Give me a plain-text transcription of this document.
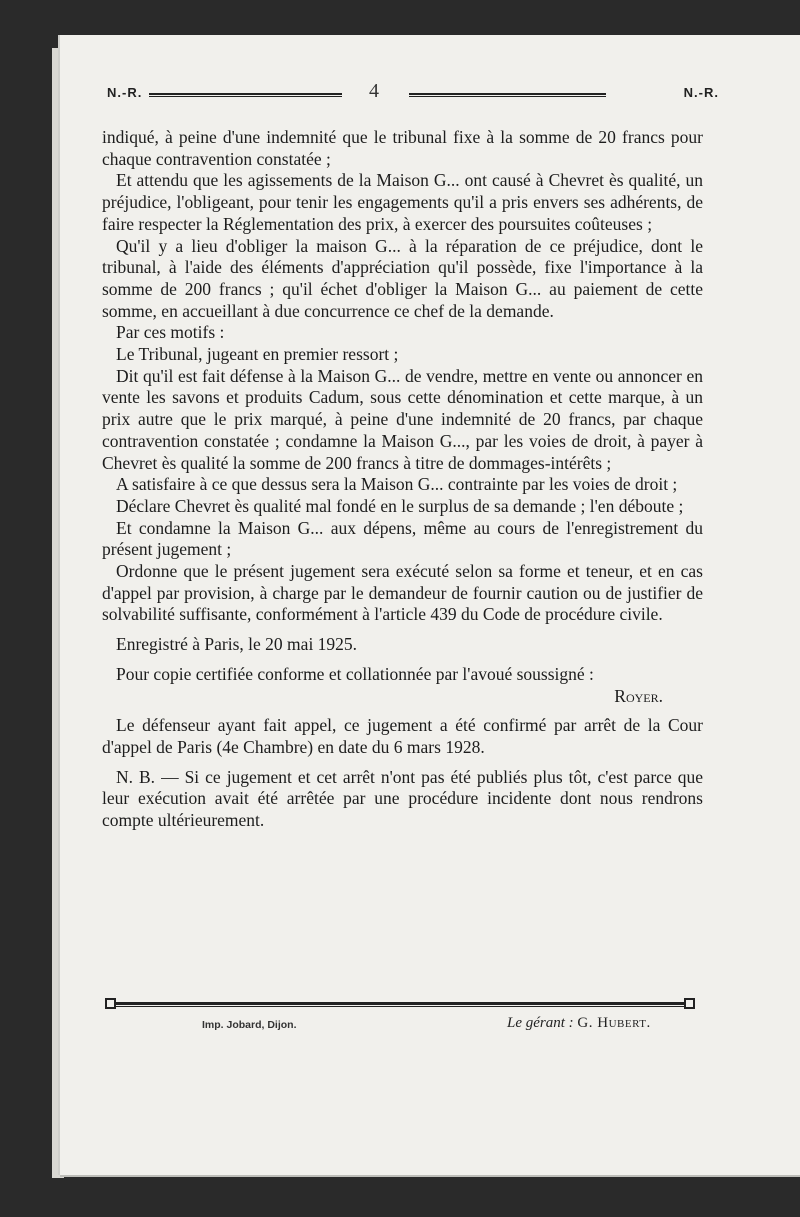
N.-R.	4	N.-R.

indiqué, à peine d'une indemnité que le tribunal fixe à la somme de 20 francs pour chaque contravention constatée ;

Et attendu que les agissements de la Maison G... ont causé à Chevret ès qualité, un préjudice, l'obligeant, pour tenir les engagements qu'il a pris envers ses adhérents, de faire respecter la Réglementation des prix, à exercer des poursuites coûteuses ;

Qu'il y a lieu d'obliger la maison G... à la réparation de ce préjudice, dont le tribunal, à l'aide des éléments d'appréciation qu'il possède, fixe l'importance à la somme de 200 francs ; qu'il échet d'obliger la Maison G... au paiement de cette somme, en accueillant à due concurrence ce chef de la demande.

Par ces motifs :

Le Tribunal, jugeant en premier ressort ;

Dit qu'il est fait défense à la Maison G... de vendre, mettre en vente ou annoncer en vente les savons et produits Cadum, sous cette dénomination et cette marque, à un prix autre que le prix marqué, à peine d'une indemnité de 20 francs, par chaque contravention constatée ; condamne la Maison G..., par les voies de droit, à payer à Chevret ès qualité la somme de 200 francs à titre de dommages-intérêts ;

A satisfaire à ce que dessus sera la Maison G... contrainte par les voies de droit ;

Déclare Chevret ès qualité mal fondé en le surplus de sa demande ; l'en déboute ;

Et condamne la Maison G... aux dépens, même au cours de l'enregistrement du présent jugement ;

Ordonne que le présent jugement sera exécuté selon sa forme et teneur, et en cas d'appel par provision, à charge par le demandeur de fournir caution ou de justifier de solvabilité suffisante, conformément à l'article 439 du Code de procédure civile.

Enregistré à Paris, le 20 mai 1925.

Pour copie certifiée conforme et collationnée par l'avoué soussigné :

Royer.

Le défenseur ayant fait appel, ce jugement a été confirmé par arrêt de la Cour d'appel de Paris (4e Chambre) en date du 6 mars 1928.

N. B. — Si ce jugement et cet arrêt n'ont pas été publiés plus tôt, c'est parce que leur exécution avait été arrêtée par une procédure incidente dont nous rendrons compte ultérieurement.

Imp. Jobard, Dijon.	Le gérant : G. Hubert.
